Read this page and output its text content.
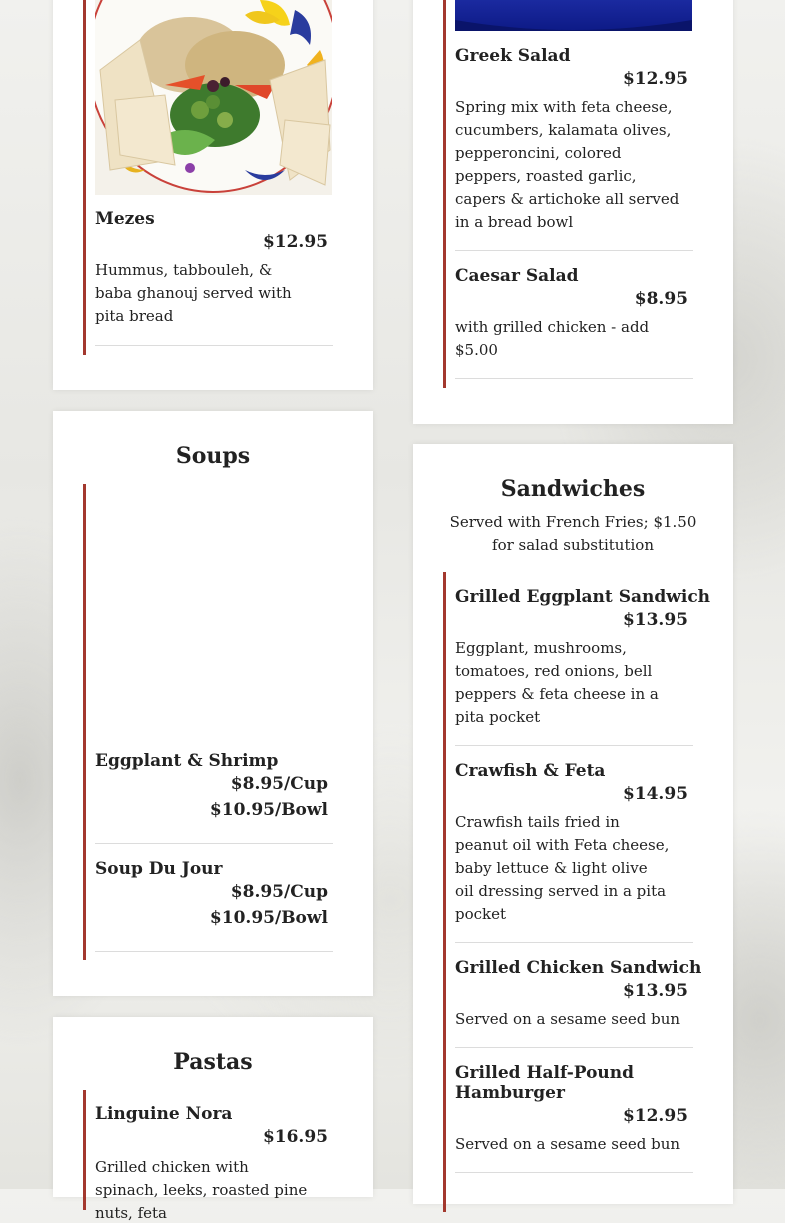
Mezes
$12.95
Hummus, tabbouleh, & baba ghanouj served with pita bread
Soups
Eggplant & Shrimp
$8.95/Cup
$10.95/Bowl
Soup Du Jour
$8.95/Cup
$10.95/Bowl
Pastas
Linguine Nora
$16.95
Grilled chicken with spinach, leeks, roasted pine nuts, feta
Greek Salad
$12.95
Spring mix with feta cheese, cucumbers, kalamata olives, pepperoncini, colored peppers, roasted garlic, capers & artichoke all served in a bread bowl
Caesar Salad
$8.95
with grilled chicken - add $5.00
Sandwiches
Served with French Fries; $1.50 for salad substitution
Grilled Eggplant Sandwich
$13.95
Eggplant, mushrooms, tomatoes, red onions, bell peppers & feta cheese in a pita pocket
Crawfish & Feta
$14.95
Crawfish tails fried in peanut oil with Feta cheese, baby lettuce & light olive oil dressing served in a pita pocket
Grilled Chicken Sandwich
$13.95
Served on a sesame seed bun
Grilled Half-Pound Hamburger
$12.95
Served on a sesame seed bun
